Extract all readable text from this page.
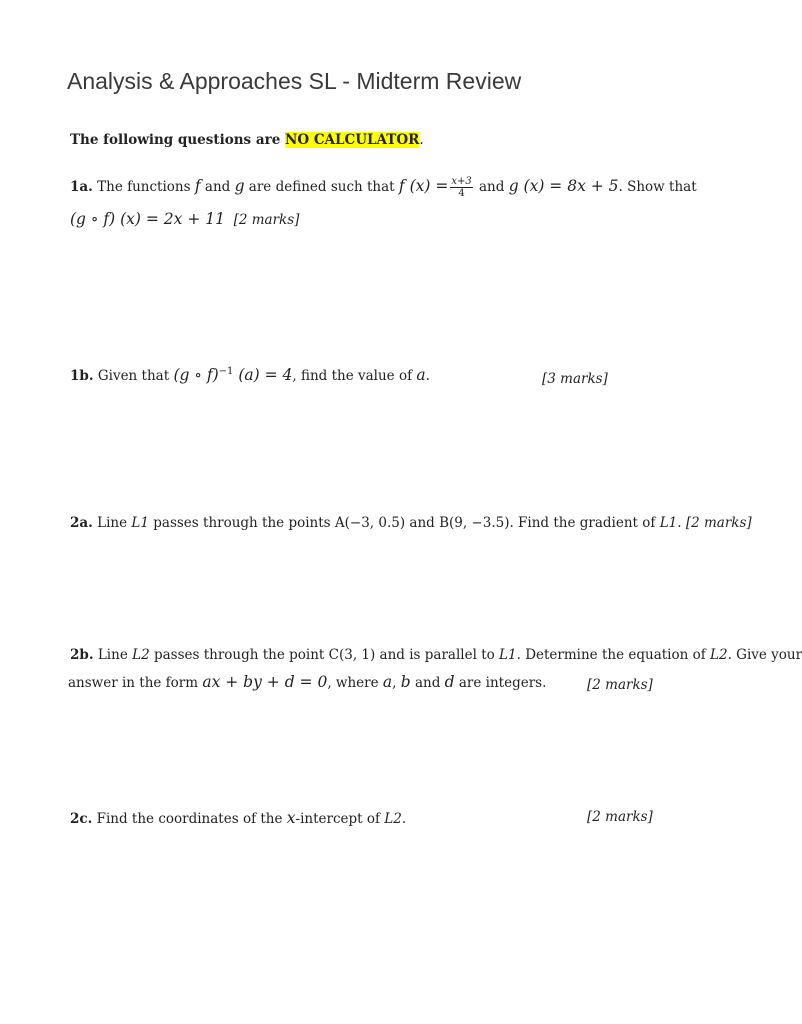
Analysis & Approaches SL - Midterm Review
The following questions are NO CALCULATOR.
1a. The functions f and g are defined such that f $(x) = \frac{x+3}{4}$ and g (x) = 8x + 5. Show that
(g ∘ f) (x) = 2x + 11 [2 marks]
1b. Given that (g ∘ f)$^{-1}$ (a) = 4, find the value of a.	[3 marks]
2a. Line L1 passes through the points A(−3, 0.5) and B(9, −3.5). Find the gradient of L1. [2 marks]
2b. Line L2 passes through the point C(3, 1) and is parallel to L1. Determine the equation of L2. Give your
answer in the form ax + by + d = 0, where a, b and d are integers.	[2 marks]
2c. Find the coordinates of the x-intercept of L2.	[2 marks]
